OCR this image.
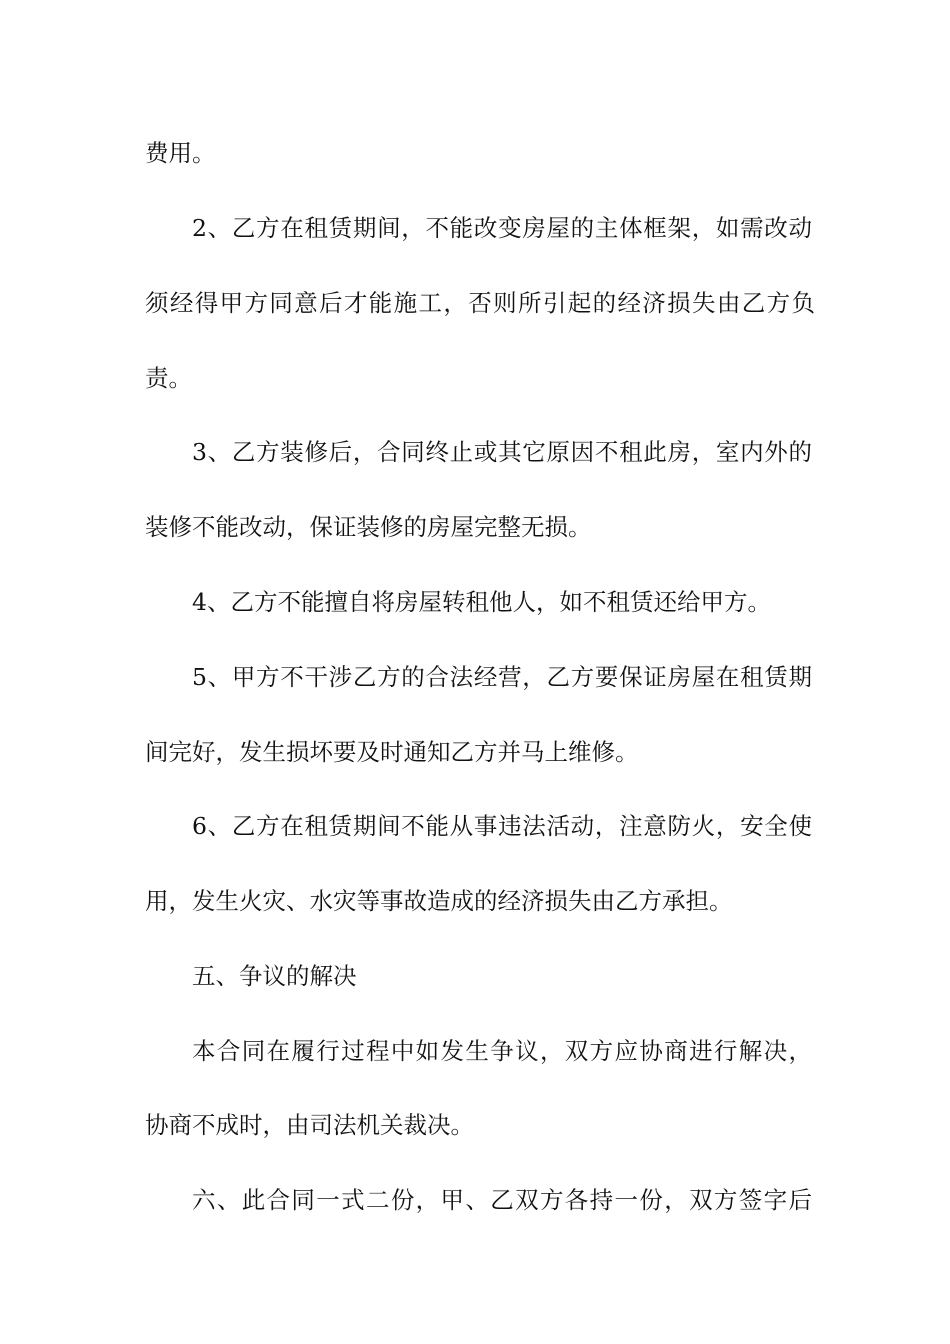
费用。
2、乙方在租赁期间，不能改变房屋的主体框架，如需改动
须经得甲方同意后才能施工，否则所引起的经济损失由乙方负
责。
3、乙方装修后，合同终止或其它原因不租此房，室内外的
装修不能改动，保证装修的房屋完整无损。
4、乙方不能擅自将房屋转租他人，如不租赁还给甲方。
5、甲方不干涉乙方的合法经营，乙方要保证房屋在租赁期
间完好，发生损坏要及时通知乙方并马上维修。
6、乙方在租赁期间不能从事违法活动，注意防火，安全使
用，发生火灾、水灾等事故造成的经济损失由乙方承担。
五、争议的解决
本合同在履行过程中如发生争议，双方应协商进行解决，
协商不成时，由司法机关裁决。
六、此合同一式二份，甲、乙双方各持一份，双方签字后
